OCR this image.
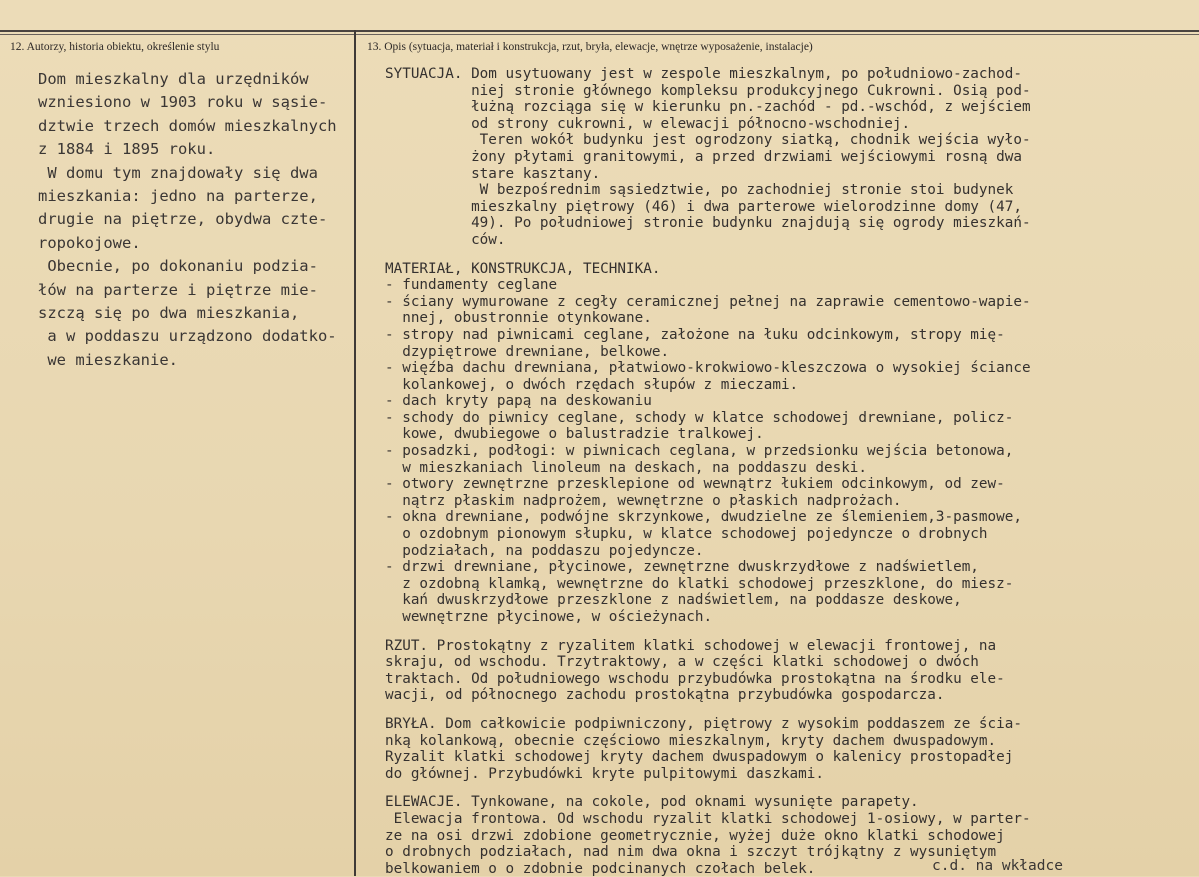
12. Autorzy, historia obiektu, określenie stylu	13. Opis (sytuacja, materiał i konstrukcja, rzut, bryła, elewacje, wnętrze wyposażenie, instalacje)
Dom mieszkalny dla urzędników
wzniesiono w 1903 roku w sąsie-
dztwie trzech domów mieszkalnych
z 1884 i 1895 roku.
W domu tym znajdowały się dwa
mieszkania: jedno na parterze,
drugie na piętrze, obydwa czte-
ropokojowe.
Obecnie, po dokonaniu podzia-
łów na parterze i piętrze mie-
szczą się po dwa mieszkania,
a w poddaszu urządzono dodatko-
we mieszkanie.
SYTUACJA. Dom usytuowany jest w zespole mieszkalnym, po południowo-zachod-
niej stronie głównego kompleksu produkcyjnego Cukrowni. Osią pod-
łużną rozciąga się w kierunku pn.-zachód - pd.-wschód, z wejściem
od strony cukrowni, w elewacji północno-wschodniej.
Teren wokół budynku jest ogrodzony siatką, chodnik wejścia wyło-
żony płytami granitowymi, a przed drzwiami wejściowymi rosną dwa
stare kasztany.
W bezpośrednim sąsiedztwie, po zachodniej stronie stoi budynek
mieszkalny piętrowy (46) i dwa parterowe wielorodzinne domy (47,
49). Po południowej stronie budynku znajdują się ogrody mieszkań-
ców.
MATERIAŁ, KONSTRUKCJA, TECHNIKA.
- fundamenty ceglane
- ściany wymurowane z cegły ceramicznej pełnej na zaprawie cementowo-wapie-
nnej, obustronnie otynkowane.
- stropy nad piwnicami ceglane, założone na łuku odcinkowym, stropy mię-
dzypiętrowe drewniane, belkowe.
- więźba dachu drewniana, płatwiowo-krokwiowo-kleszczowa o wysokiej ściance
kolankowej, o dwóch rzędach słupów z mieczami.
- dach kryty papą na deskowaniu
- schody do piwnicy ceglane, schody w klatce schodowej drewniane, policz-
kowe, dwubiegowe o balustradzie tralkowej.
- posadzki, podłogi: w piwnicach ceglana, w przedsionku wejścia betonowa,
w mieszkaniach linoleum na deskach, na poddaszu deski.
- otwory zewnętrzne przesklepione od wewnątrz łukiem odcinkowym, od zew-
nątrz płaskim nadprożem, wewnętrzne o płaskich nadprożach.
- okna drewniane, podwójne skrzynkowe, dwudzielne ze ślemieniem,3-pasmowe,
o ozdobnym pionowym słupku, w klatce schodowej pojedyncze o drobnych
podziałach, na poddaszu pojedyncze.
- drzwi drewniane, płycinowe, zewnętrzne dwuskrzydłowe z nadświetlem,
z ozdobną klamką, wewnętrzne do klatki schodowej przeszklone, do miesz-
kań dwuskrzydłowe przeszklone z nadświetlem, na poddasze deskowe,
wewnętrzne płycinowe, w ościeżynach.
RZUT. Prostokątny z ryzalitem klatki schodowej w elewacji frontowej, na
skraju, od wschodu. Trzytraktowy, a w części klatki schodowej o dwóch
traktach. Od południowego wschodu przybudówka prostokątna na środku ele-
wacji, od północnego zachodu prostokątna przybudówka gospodarcza.
BRYŁA. Dom całkowicie podpiwniczony, piętrowy z wysokim poddaszem ze ścia-
nką kolankową, obecnie częściowo mieszkalnym, kryty dachem dwuspadowym.
Ryzalit klatki schodowej kryty dachem dwuspadowym o kalenicy prostopadłej
do głównej. Przybudówki kryte pulpitowymi daszkami.
ELEWACJE. Tynkowane, na cokole, pod oknami wysunięte parapety.
Elewacja frontowa. Od wschodu ryzalit klatki schodowej 1-osiowy, w parter-
ze na osi drzwi zdobione geometrycznie, wyżej duże okno klatki schodowej
o drobnych podziałach, nad nim dwa okna i szczyt trójkątny z wysuniętym
belkowaniem o o zdobnie podcinanych czołach belek.	c.d. na wkładce
